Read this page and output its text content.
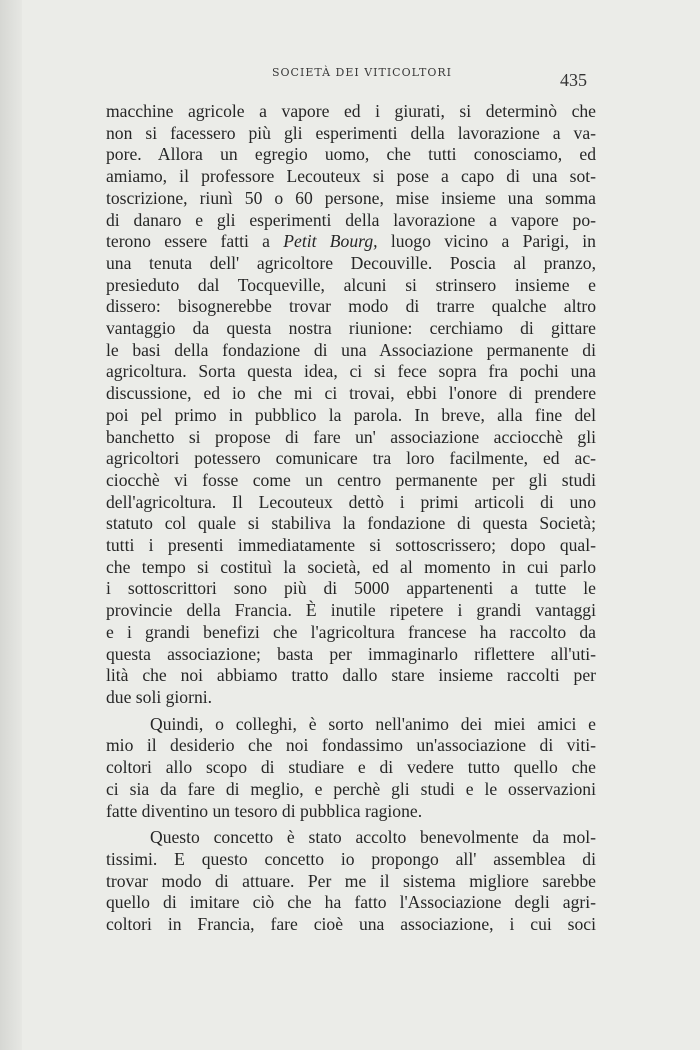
SOCIETÀ DEI VITICOLTORI	435
macchine agricole a vapore ed i giurati, si determinò che
non si facessero più gli esperimenti della lavorazione a va-
pore. Allora un egregio uomo, che tutti conosciamo, ed
amiamo, il professore Lecouteux si pose a capo di una sot-
toscrizione, riunì 50 o 60 persone, mise insieme una somma
di danaro e gli esperimenti della lavorazione a vapore po-
terono essere fatti a Petit Bourg, luogo vicino a Parigi, in
una tenuta dell' agricoltore Decouville. Poscia al pranzo,
presieduto dal Tocqueville, alcuni si strinsero insieme e
dissero: bisognerebbe trovar modo di trarre qualche altro
vantaggio da questa nostra riunione: cerchiamo di gittare
le basi della fondazione di una Associazione permanente di
agricoltura. Sorta questa idea, ci si fece sopra fra pochi una
discussione, ed io che mi ci trovai, ebbi l'onore di prendere
poi pel primo in pubblico la parola. In breve, alla fine del
banchetto si propose di fare un' associazione acciocchè gli
agricoltori potessero comunicare tra loro facilmente, ed ac-
ciocchè vi fosse come un centro permanente per gli studi
dell'agricoltura. Il Lecouteux dettò i primi articoli di uno
statuto col quale si stabiliva la fondazione di questa Società;
tutti i presenti immediatamente si sottoscrissero; dopo qual-
che tempo si costituì la società, ed al momento in cui parlo
i sottoscrittori sono più di 5000 appartenenti a tutte le
provincie della Francia. È inutile ripetere i grandi vantaggi
e i grandi benefizi che l'agricoltura francese ha raccolto da
questa associazione; basta per immaginarlo riflettere all'uti-
lità che noi abbiamo tratto dallo stare insieme raccolti per
due soli giorni.
Quindi, o colleghi, è sorto nell'animo dei miei amici e
mio il desiderio che noi fondassimo un'associazione di viti-
coltori allo scopo di studiare e di vedere tutto quello che
ci sia da fare di meglio, e perchè gli studi e le osservazioni
fatte diventino un tesoro di pubblica ragione.
Questo concetto è stato accolto benevolmente da mol-
tissimi. E questo concetto io propongo all' assemblea di
trovar modo di attuare. Per me il sistema migliore sarebbe
quello di imitare ciò che ha fatto l'Associazione degli agri-
coltori in Francia, fare cioè una associazione, i cui soci
